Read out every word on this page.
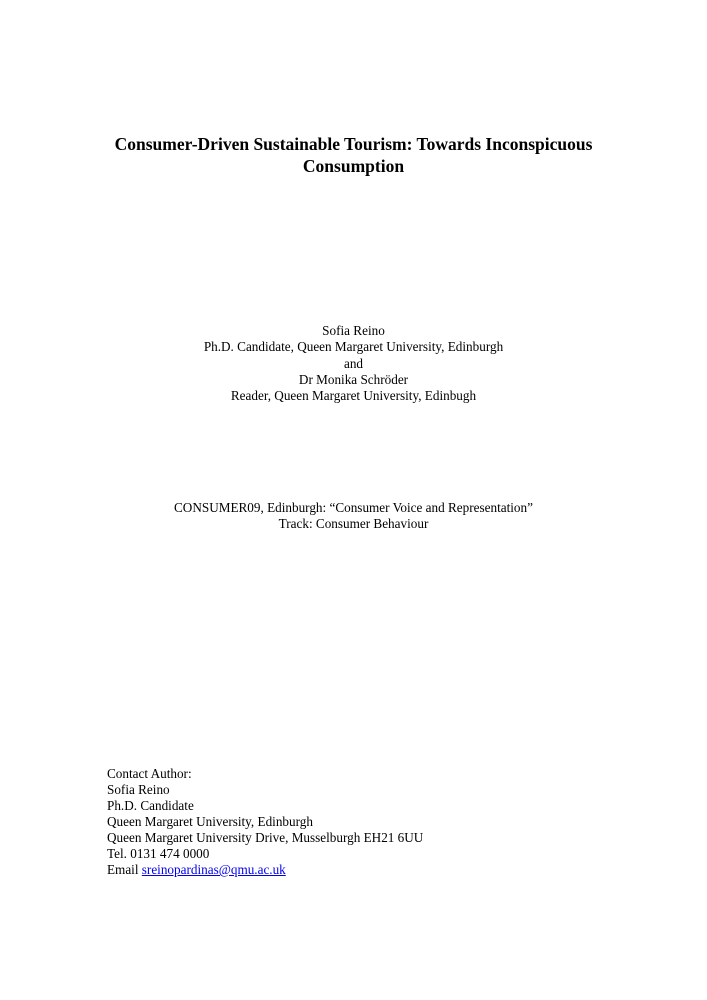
Consumer-Driven Sustainable Tourism: Towards Inconspicuous
Consumption
Sofia Reino
Ph.D. Candidate, Queen Margaret University, Edinburgh
and
Dr Monika Schröder
Reader, Queen Margaret University, Edinbugh
CONSUMER09, Edinburgh: “Consumer Voice and Representation”
Track: Consumer Behaviour
Contact Author:
Sofia Reino
Ph.D. Candidate
Queen Margaret University, Edinburgh
Queen Margaret University Drive, Musselburgh EH21 6UU
Tel. 0131 474 0000
Email sreinopardinas@qmu.ac.uk
